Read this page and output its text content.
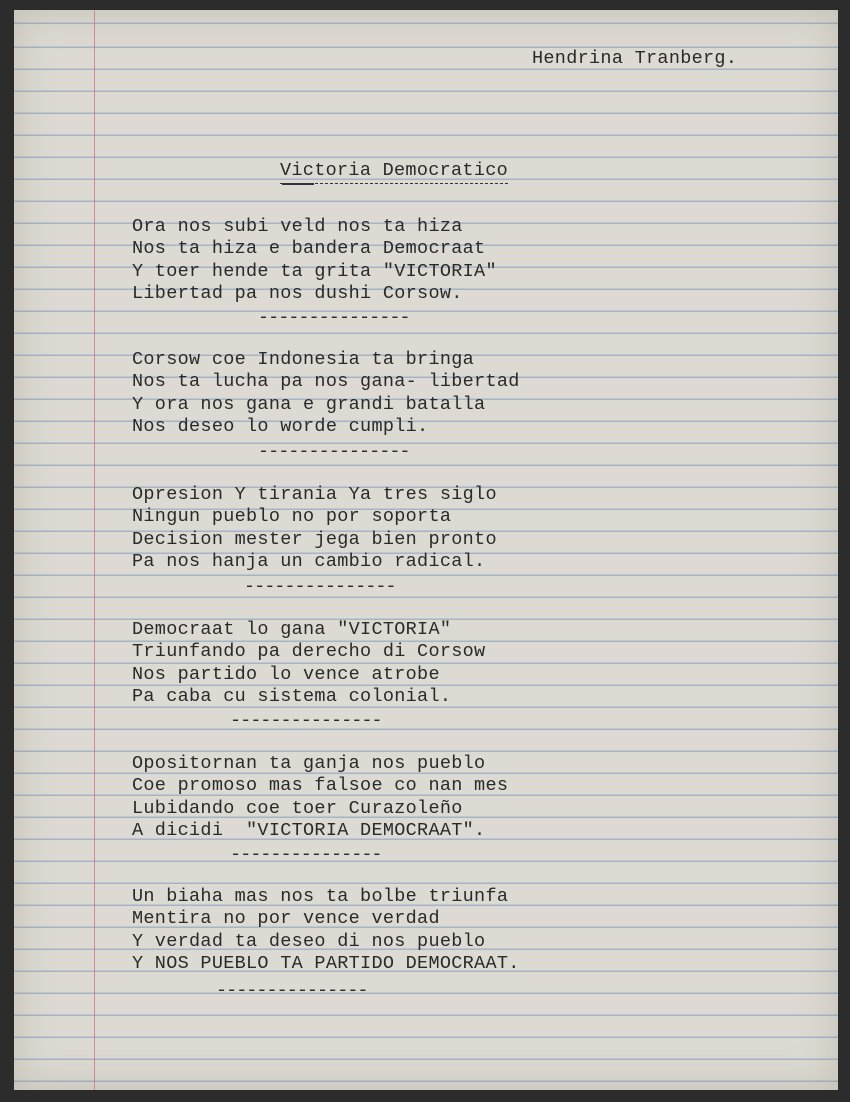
Hendrina Tranberg.
Victoria Democratico
Ora nos subi veld nos ta hiza
Nos ta hiza e bandera Democraat
Y toer hende ta grita "VICTORIA"
Libertad pa nos dushi Corsow.
---------------
Corsow coe Indonesia ta bringa
Nos ta lucha pa nos gana- libertad
Y ora nos gana e grandi batalla
Nos deseo lo worde cumpli.
---------------
Opresion Y tirania Ya tres siglo
Ningun pueblo no por soporta
Decision mester jega bien pronto
Pa nos hanja un cambio radical.
---------------
Democraat lo gana "VICTORIA"
Triunfando pa derecho di Corsow
Nos partido lo vence atrobe
Pa caba cu sistema colonial.
---------------
Opositornan ta ganja nos pueblo
Coe promoso mas falsoe co nan mes
Lubidando coe toer Curazoleño
A dicidi  "VICTORIA DEMOCRAAT".
---------------
Un biaha mas nos ta bolbe triunfa
Mentira no por vence verdad
Y verdad ta deseo di nos pueblo
Y NOS PUEBLO TA PARTIDO DEMOCRAAT.
---------------
